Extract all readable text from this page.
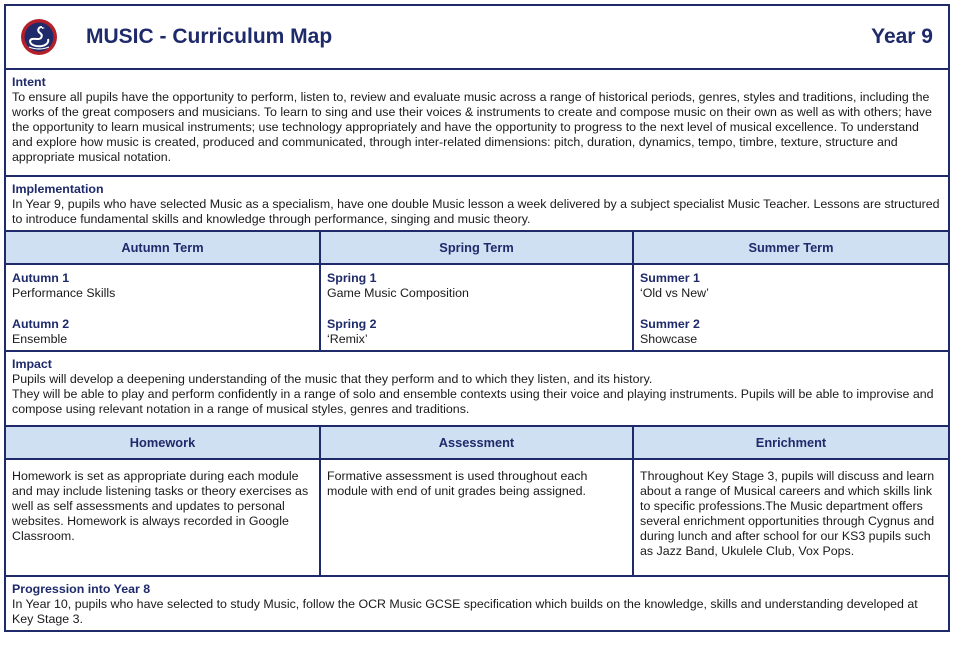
MUSIC - Curriculum Map	Year 9
Intent

To ensure all pupils have the opportunity to perform, listen to, review and evaluate music across a range of historical periods, genres, styles and traditions, including the works of the great composers and musicians. To learn to sing and use their voices & instruments to create and compose music on their own as well as with others; have the opportunity to learn musical instruments; use technology appropriately and have the opportunity to progress to the next level of musical excellence. To understand and explore how music is created, produced and communicated, through inter-related dimensions: pitch, duration, dynamics, tempo, timbre, texture, structure and appropriate musical notation.

Implementation

In Year 9, pupils who have selected Music as a specialism, have one double Music lesson a week delivered by a subject specialist Music Teacher. Lessons are structured to introduce fundamental skills and knowledge through performance, singing and music theory.

Autumn Term	Spring Term	Summer Term
Autumn 1
Performance Skills
Autumn 2
Ensemble
Spring 1
Game Music Composition
Spring 2
‘Remix’
Summer 1
‘Old vs New’
Summer 2
Showcase
Impact

Pupils will develop a deepening understanding of the music that they perform and to which they listen, and its history.

They will be able to play and perform confidently in a range of solo and ensemble contexts using their voice and playing instruments. Pupils will be able to improvise and compose using relevant notation in a range of musical styles, genres and traditions.

Homework	Assessment	Enrichment
Homework is set as appropriate during each module and may include listening tasks or theory exercises as well as self assessments and updates to personal websites. Homework is always recorded in Google Classroom.
Formative assessment is used throughout each module with end of unit grades being assigned.
Throughout Key Stage 3, pupils will discuss and learn about a range of Musical careers and which skills link to specific professions.The Music department offers several enrichment opportunities through Cygnus and during lunch and after school for our KS3 pupils such as Jazz Band, Ukulele Club, Vox Pops.
Progression into Year 8

In Year 10, pupils who have selected to study Music, follow the OCR Music GCSE specification which builds on the knowledge, skills and understanding developed at Key Stage 3.
